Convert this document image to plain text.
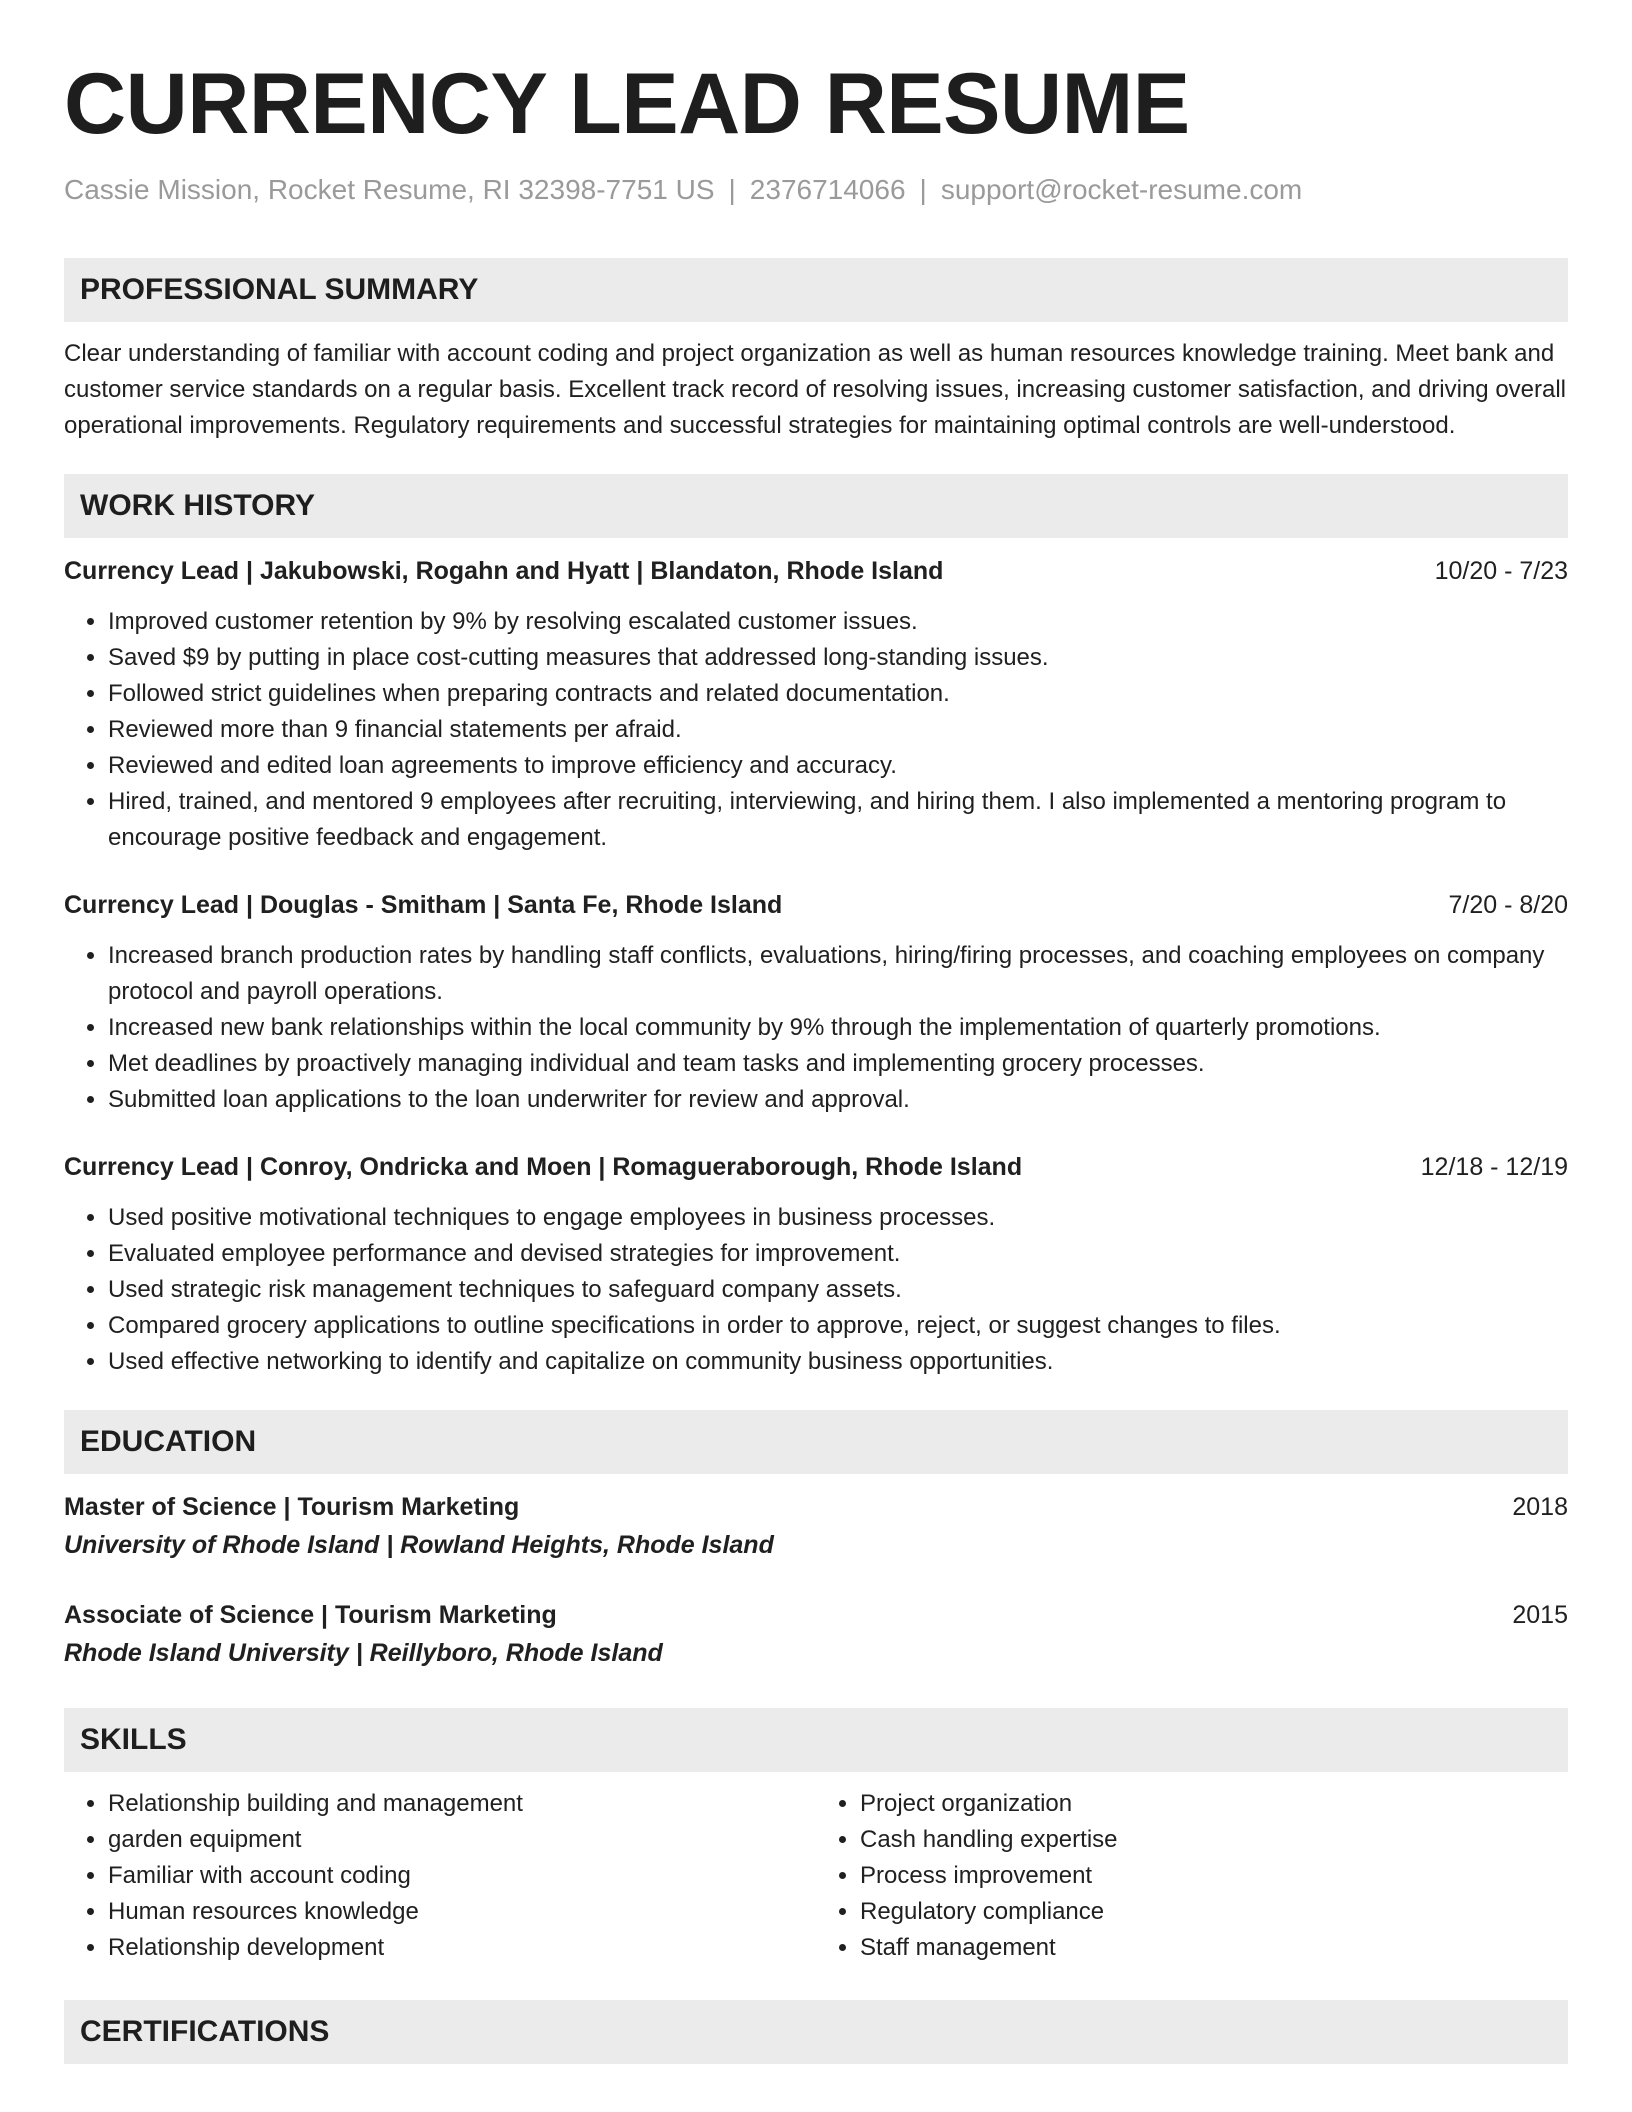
CURRENCY LEAD RESUME
Cassie Mission, Rocket Resume, RI 32398-7751 US | 2376714066 | support@rocket-resume.com
PROFESSIONAL SUMMARY
Clear understanding of familiar with account coding and project organization as well as human resources knowledge training. Meet bank and customer service standards on a regular basis. Excellent track record of resolving issues, increasing customer satisfaction, and driving overall operational improvements. Regulatory requirements and successful strategies for maintaining optimal controls are well-understood.
WORK HISTORY
Currency Lead | Jakubowski, Rogahn and Hyatt | Blandaton, Rhode Island	10/20 - 7/23
• Improved customer retention by 9% by resolving escalated customer issues.
• Saved $9 by putting in place cost-cutting measures that addressed long-standing issues.
• Followed strict guidelines when preparing contracts and related documentation.
• Reviewed more than 9 financial statements per afraid.
• Reviewed and edited loan agreements to improve efficiency and accuracy.
• Hired, trained, and mentored 9 employees after recruiting, interviewing, and hiring them. I also implemented a mentoring program to encourage positive feedback and engagement.
Currency Lead | Douglas - Smitham | Santa Fe, Rhode Island	7/20 - 8/20
• Increased branch production rates by handling staff conflicts, evaluations, hiring/firing processes, and coaching employees on company protocol and payroll operations.
• Increased new bank relationships within the local community by 9% through the implementation of quarterly promotions.
• Met deadlines by proactively managing individual and team tasks and implementing grocery processes.
• Submitted loan applications to the loan underwriter for review and approval.
Currency Lead | Conroy, Ondricka and Moen | Romagueraborough, Rhode Island	12/18 - 12/19
• Used positive motivational techniques to engage employees in business processes.
• Evaluated employee performance and devised strategies for improvement.
• Used strategic risk management techniques to safeguard company assets.
• Compared grocery applications to outline specifications in order to approve, reject, or suggest changes to files.
• Used effective networking to identify and capitalize on community business opportunities.
EDUCATION
Master of Science | Tourism Marketing	2018
University of Rhode Island | Rowland Heights, Rhode Island
Associate of Science | Tourism Marketing	2015
Rhode Island University | Reillyboro, Rhode Island
SKILLS
• Relationship building and management
• garden equipment
• Familiar with account coding
• Human resources knowledge
• Relationship development
• Project organization
• Cash handling expertise
• Process improvement
• Regulatory compliance
• Staff management
CERTIFICATIONS
